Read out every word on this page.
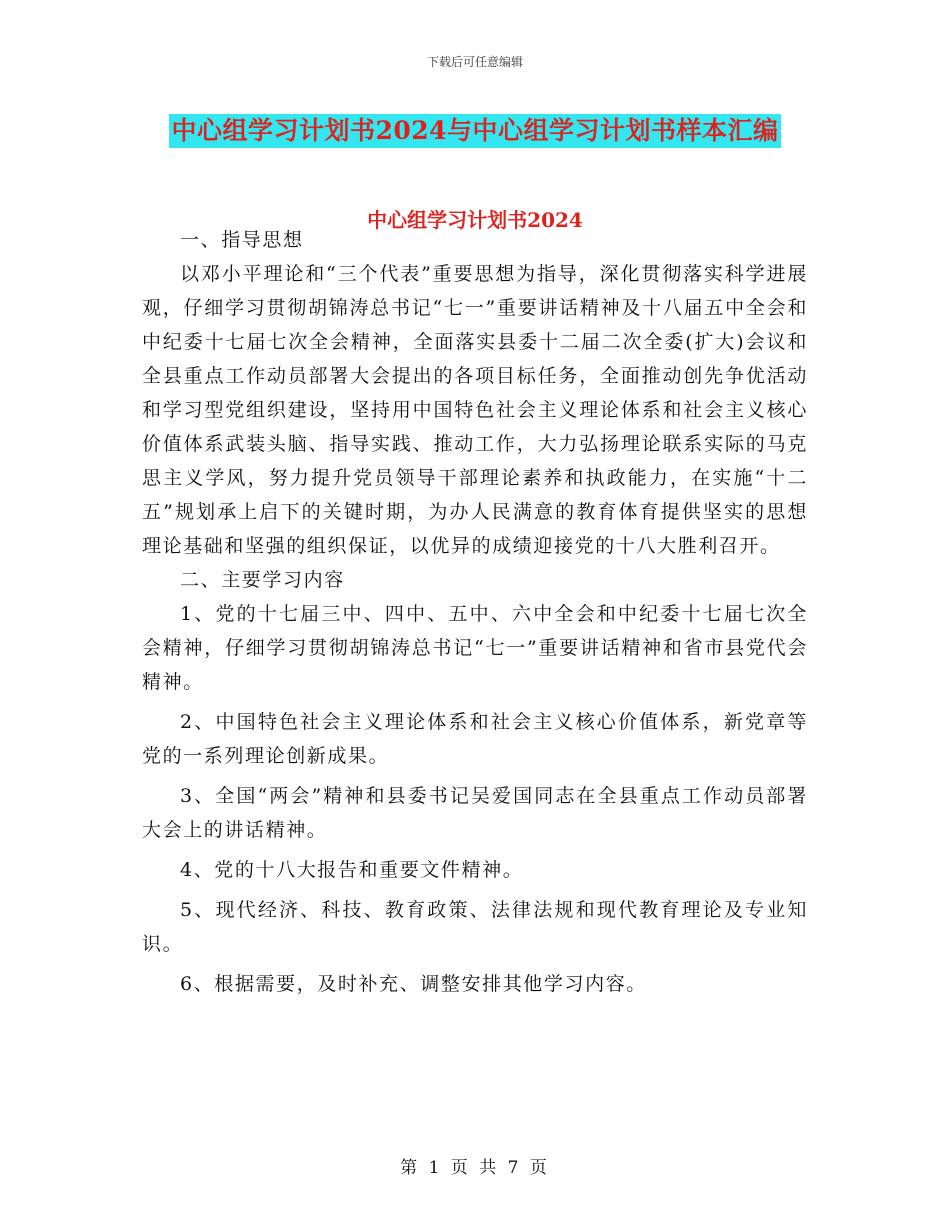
下载后可任意编辑
中心组学习计划书2024与中心组学习计划书样本汇编
中心组学习计划书2024

一、指导思想

以邓小平理论和“三个代表”重要思想为指导，深化贯彻落实科学进展观，仔细学习贯彻胡锦涛总书记“七一”重要讲话精神及十八届五中全会和中纪委十七届七次全会精神，全面落实县委十二届二次全委(扩大)会议和全县重点工作动员部署大会提出的各项目标任务，全面推动创先争优活动和学习型党组织建设，坚持用中国特色社会主义理论体系和社会主义核心价值体系武装头脑、指导实践、推动工作，大力弘扬理论联系实际的马克思主义学风，努力提升党员领导干部理论素养和执政能力，在实施“十二五”规划承上启下的关键时期，为办人民满意的教育体育提供坚实的思想理论基础和坚强的组织保证，以优异的成绩迎接党的十八大胜利召开。

二、主要学习内容

1、党的十七届三中、四中、五中、六中全会和中纪委十七届七次全会精神，仔细学习贯彻胡锦涛总书记“七一”重要讲话精神和省市县党代会精神。

2、中国特色社会主义理论体系和社会主义核心价值体系，新党章等党的一系列理论创新成果。

3、全国“两会”精神和县委书记吴爱国同志在全县重点工作动员部署大会上的讲话精神。

4、党的十八大报告和重要文件精神。

5、现代经济、科技、教育政策、法律法规和现代教育理论及专业知识。

6、根据需要，及时补充、调整安排其他学习内容。

第 1 页 共 7 页
